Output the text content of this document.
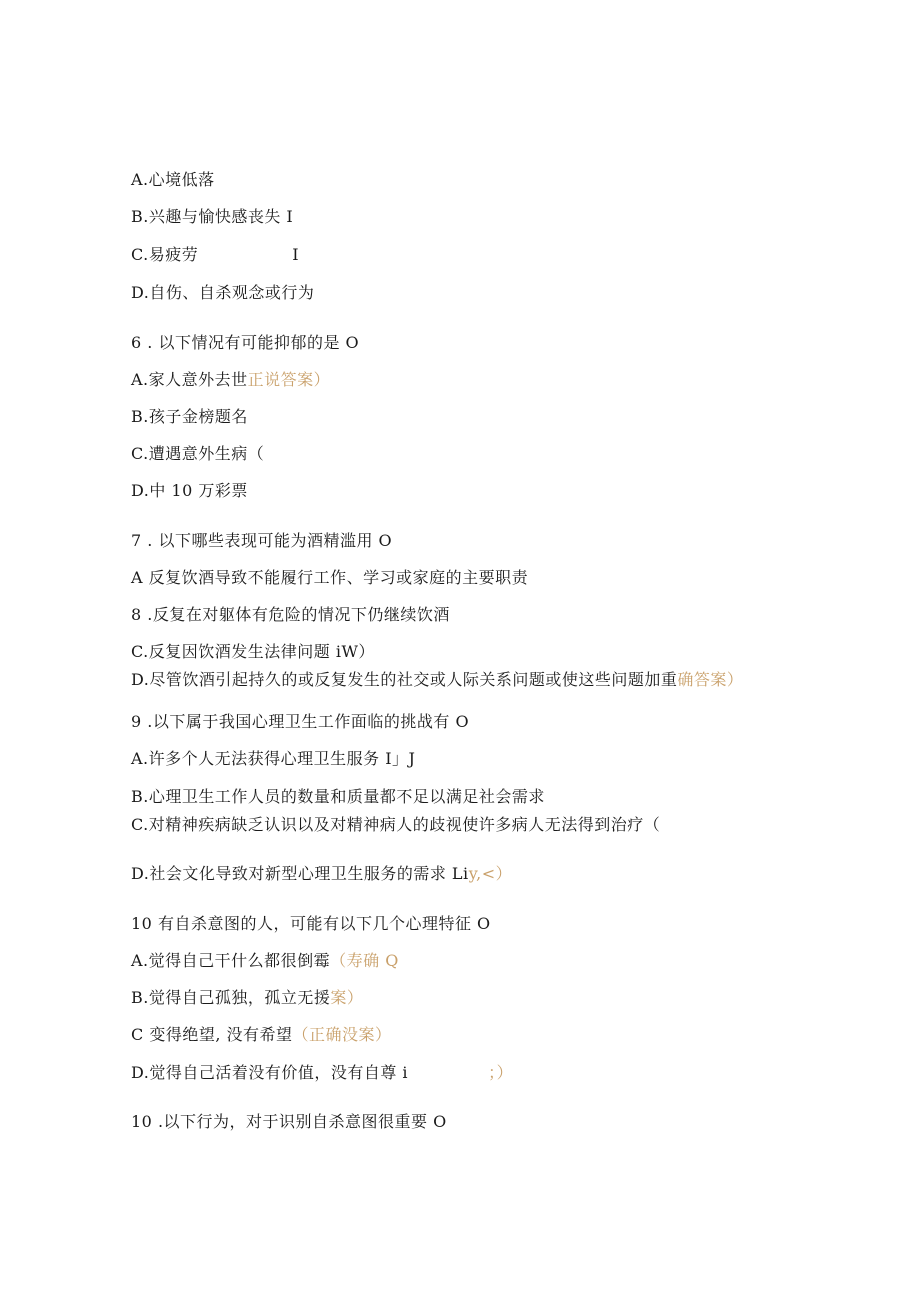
A.心境低落
B.兴趣与愉快感丧失 I
C.易疲劳	I
D.自伤、自杀观念或行为
6 . 以下情况有可能抑郁的是 O
A.家人意外去世正说答案）
B.孩子金榜题名
C.遭遇意外生病（
D.中 10 万彩票
7 . 以下哪些表现可能为酒精滥用 O
A 反复饮酒导致不能履行工作、学习或家庭的主要职责
8 .反复在对躯体有危险的情况下仍继续饮酒
C.反复因饮酒发生法律问题 iW）
D.尽管饮酒引起持久的或反复发生的社交或人际关系问题或使这些问题加重确答案）
9 .以下属于我国心理卫生工作面临的挑战有 O
A.许多个人无法获得心理卫生服务 I」J
B.心理卫生工作人员的数量和质量都不足以满足社会需求
C.对精神疾病缺乏认识以及对精神病人的歧视使许多病人无法得到治疗（
D.社会文化导致对新型心理卫生服务的需求 Liy,<）
10 有自杀意图的人，可能有以下几个心理特征 O
A.觉得自己干什么都很倒霉（寿确 Q
B.觉得自己孤独，孤立无援案）
C 变得绝望, 没有希望（正确没案）
D.觉得自己活着没有价值，没有自尊 i	；）
10 .以下行为，对于识别自杀意图很重要 O
